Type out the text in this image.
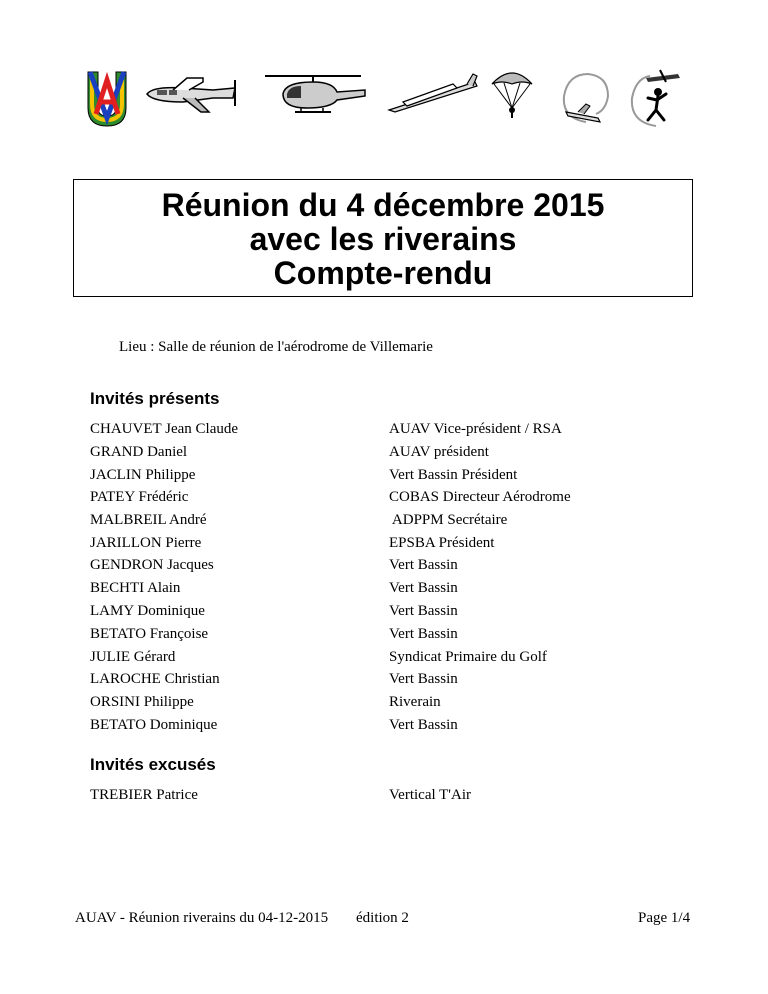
Réunion du 4 décembre 2015
avec les riverains
Compte-rendu
Lieu : Salle de réunion de l'aérodrome de Villemarie
Invités présents
CHAUVET Jean Claude	AUAV Vice-président / RSA
GRAND Daniel	AUAV président
JACLIN Philippe	Vert Bassin Président
PATEY Frédéric	COBAS Directeur Aérodrome
MALBREIL André	ADPPM Secrétaire
JARILLON Pierre	EPSBA Président
GENDRON Jacques	Vert Bassin
BECHTI Alain	Vert Bassin
LAMY Dominique	Vert Bassin
BETATO Françoise	Vert Bassin
JULIE Gérard	Syndicat Primaire du Golf
LAROCHE Christian	Vert Bassin
ORSINI Philippe	Riverain
BETATO Dominique	Vert Bassin
Invités excusés
TREBIER Patrice	Vertical T'Air
AUAV - Réunion riverains du 04-12-2015 édition 2	Page 1/4
